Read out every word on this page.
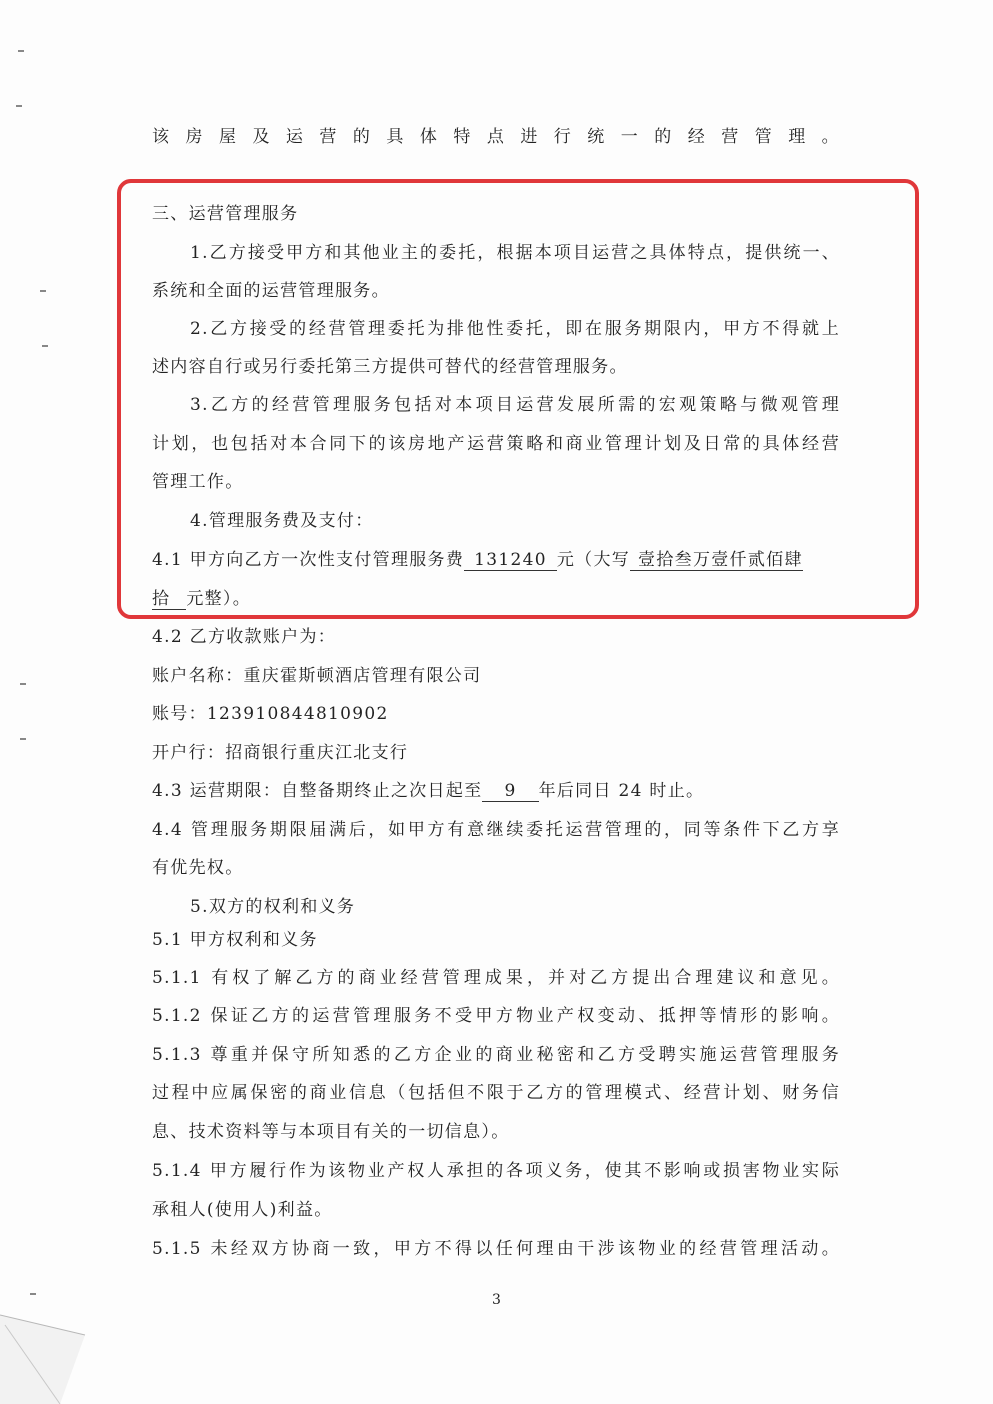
该房屋及运营的具体特点进行统一的经营管理。
三、运营管理服务
1.乙方接受甲方和其他业主的委托，根据本项目运营之具体特点，提供统一、
系统和全面的运营管理服务。
2.乙方接受的经营管理委托为排他性委托，即在服务期限内，甲方不得就上
述内容自行或另行委托第三方提供可替代的经营管理服务。
3.乙方的经营管理服务包括对本项目运营发展所需的宏观策略与微观管理
计划，也包括对本合同下的该房地产运营策略和商业管理计划及日常的具体经营
管理工作。
4.管理服务费及支付：
4.1 甲方向乙方一次性支付管理服务费 131240 元（大写 壹拾叁万壹仟贰佰肆
拾 元整）。
4.2 乙方收款账户为：
账户名称：重庆霍斯顿酒店管理有限公司
账号：123910844810902
开户行：招商银行重庆江北支行
4.3 运营期限：自整备期终止之次日起至 9 年后同日 24 时止。
4.4 管理服务期限届满后，如甲方有意继续委托运营管理的，同等条件下乙方享
有优先权。
5.双方的权利和义务
5.1 甲方权利和义务
5.1.1 有权了解乙方的商业经营管理成果，并对乙方提出合理建议和意见。
5.1.2 保证乙方的运营管理服务不受甲方物业产权变动、抵押等情形的影响。
5.1.3 尊重并保守所知悉的乙方企业的商业秘密和乙方受聘实施运营管理服务
过程中应属保密的商业信息（包括但不限于乙方的管理模式、经营计划、财务信
息、技术资料等与本项目有关的一切信息）。
5.1.4 甲方履行作为该物业产权人承担的各项义务，使其不影响或损害物业实际
承租人(使用人)利益。
5.1.5 未经双方协商一致，甲方不得以任何理由干涉该物业的经营管理活动。
3
